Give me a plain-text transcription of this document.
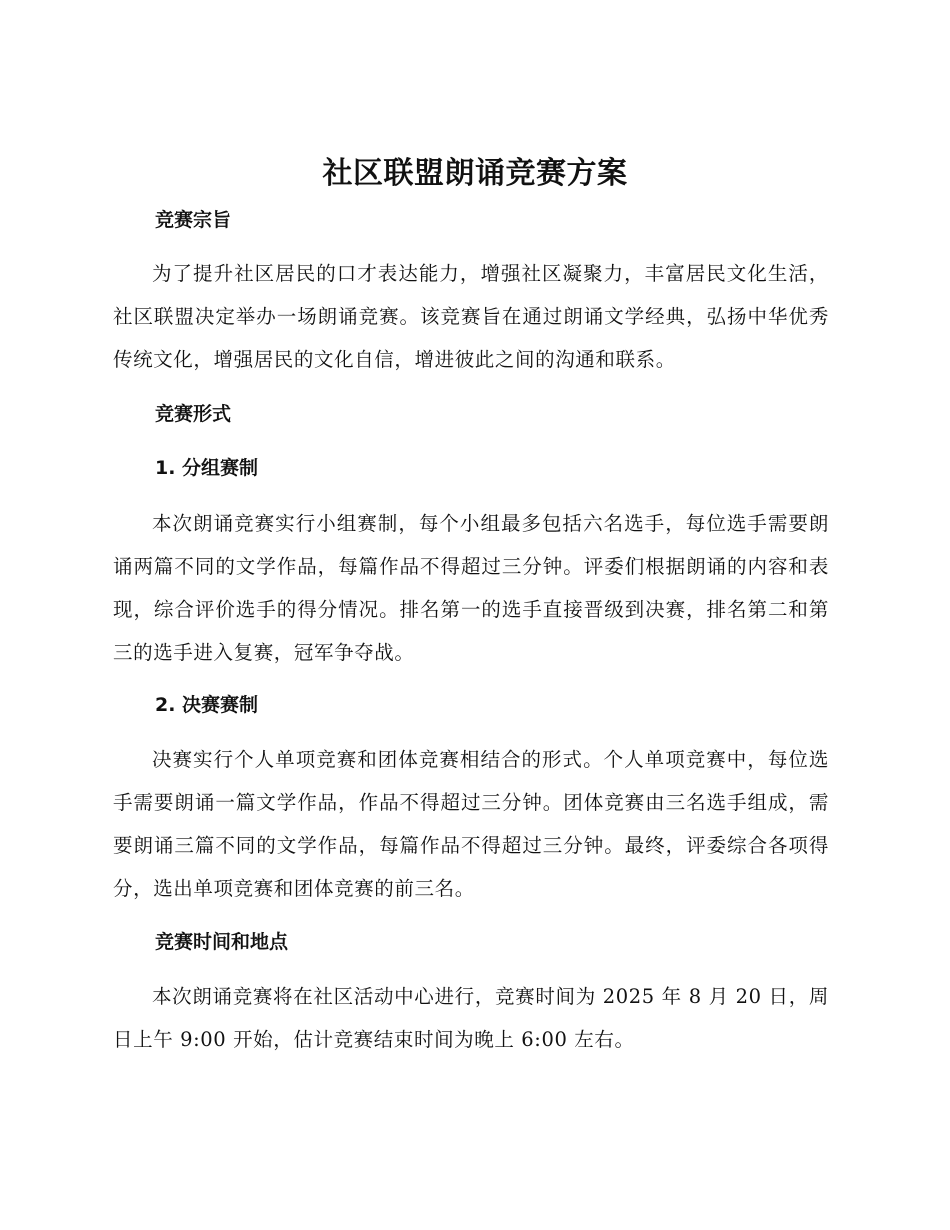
社区联盟朗诵竞赛方案
竞赛宗旨

为了提升社区居民的口才表达能力，增强社区凝聚力，丰富居民文化生活，社区联盟决定举办一场朗诵竞赛。该竞赛旨在通过朗诵文学经典，弘扬中华优秀传统文化，增强居民的文化自信，增进彼此之间的沟通和联系。

竞赛形式
1. 分组赛制

本次朗诵竞赛实行小组赛制，每个小组最多包括六名选手，每位选手需要朗诵两篇不同的文学作品，每篇作品不得超过三分钟。评委们根据朗诵的内容和表现，综合评价选手的得分情况。排名第一的选手直接晋级到决赛，排名第二和第三的选手进入复赛，冠军争夺战。

2. 决赛赛制

决赛实行个人单项竞赛和团体竞赛相结合的形式。个人单项竞赛中，每位选手需要朗诵一篇文学作品，作品不得超过三分钟。团体竞赛由三名选手组成，需要朗诵三篇不同的文学作品，每篇作品不得超过三分钟。最终，评委综合各项得分，选出单项竞赛和团体竞赛的前三名。

竞赛时间和地点

本次朗诵竞赛将在社区活动中心进行，竞赛时间为 2025 年 8 月 20 日，周日上午 9:00 开始，估计竞赛结束时间为晚上 6:00 左右。
